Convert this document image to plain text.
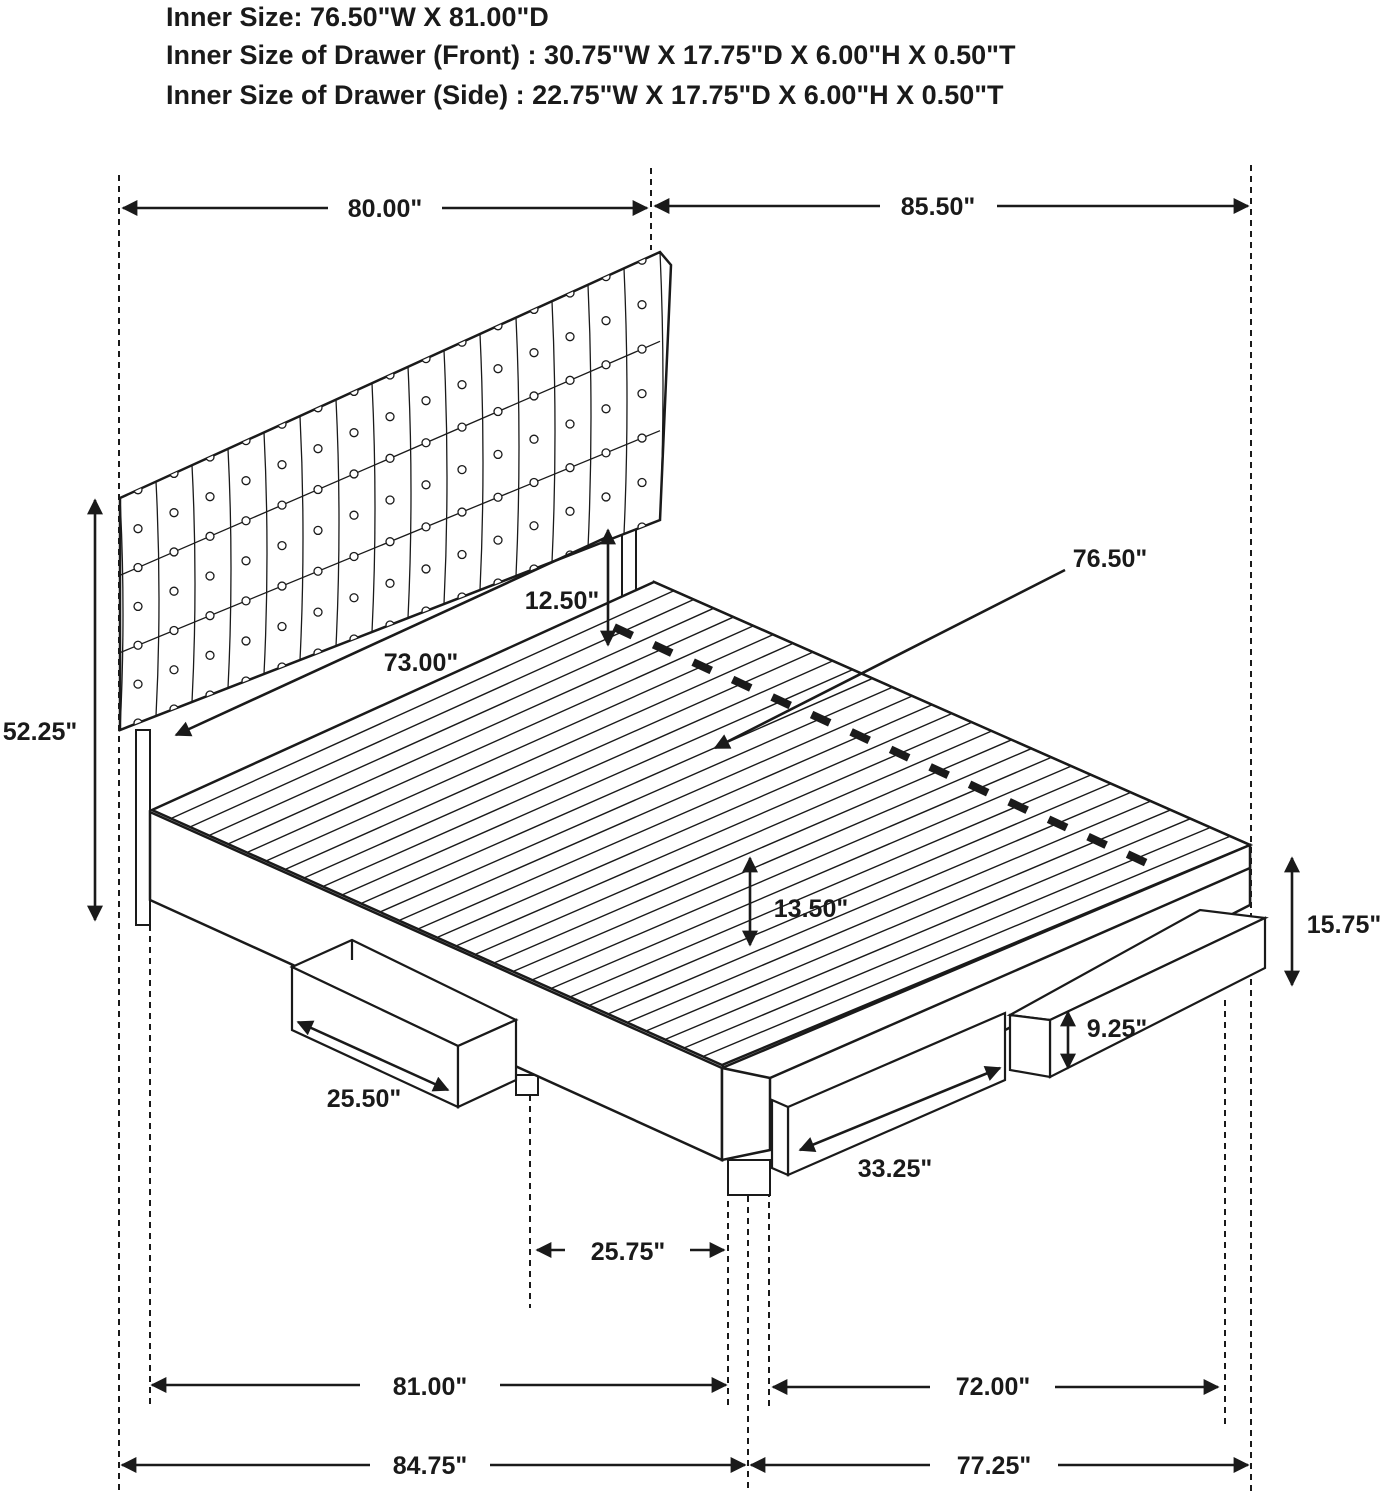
Inner Size: 76.50"W X 81.00"D
Inner Size of Drawer (Front) : 30.75"W X 17.75"D X 6.00"H X 0.50"T
Inner Size of Drawer (Side) : 22.75"W X 17.75"D X 6.00"H X 0.50"T
80.00"	85.50"
52.25"
12.50"
73.00"
76.50"
13.50"
15.75"
9.25"
25.50"
33.25"
25.75"
81.00"	72.00"
84.75"	77.25"
